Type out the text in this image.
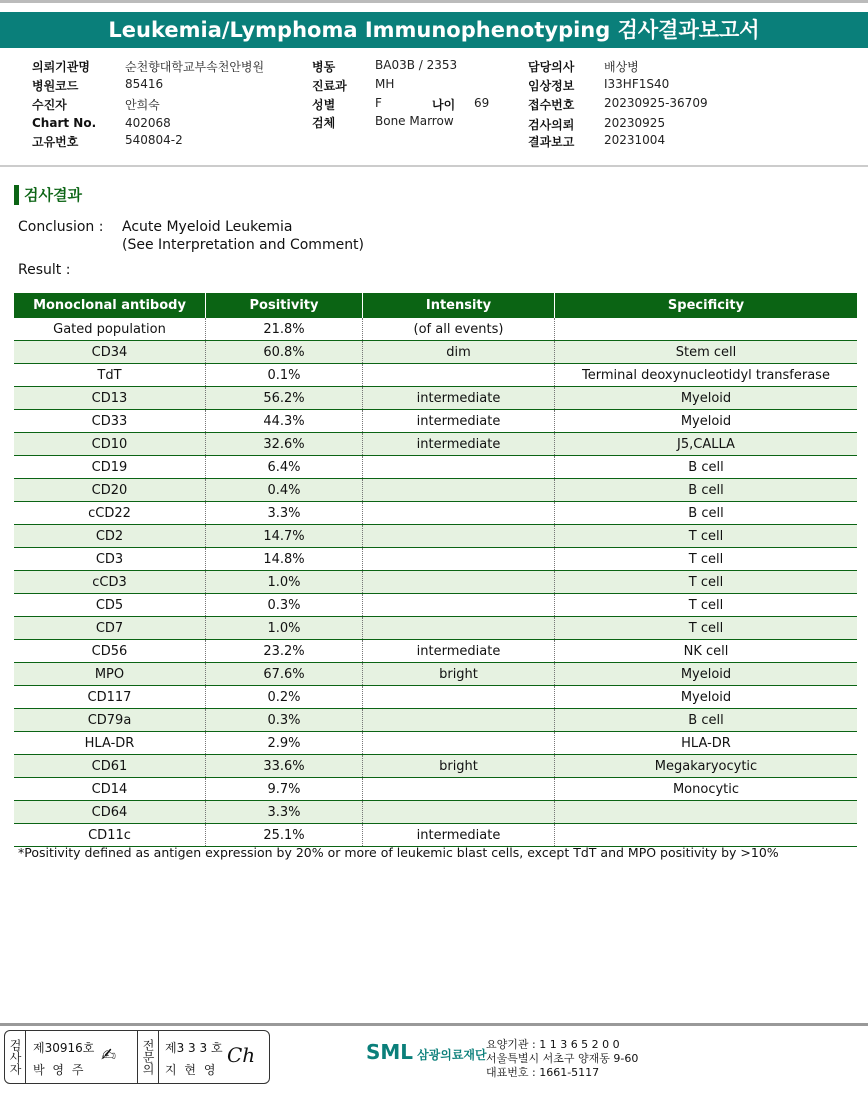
Leukemia/Lymphoma Immunophenotyping 검사결과보고서
의뢰기관명	순천향대학교부속천안병원
병원코드	85416
수진자	안희숙
Chart No. 402068
고유번호	540804-2
병동	BA03B / 2353
진료과 MH
성별	F
검체	Bone Marrow
나이 69
담당의사 배상병
임상정보 I33HF1S40
접수번호 20230925-36709
검사의뢰 20230925
결과보고 20231004
검사결과
Conclusion : Acute Myeloid Leukemia
(See Interpretation and Comment)
Result :
Monoclonal antibody	Positivity	Intensity	Specificity
Gated population	21.8%	(of all events)	
CD34	60.8%	dim	Stem cell
TdT	0.1%		Terminal deoxynucleotidyl transferase
CD13	56.2%	intermediate	Myeloid
CD33	44.3%	intermediate	Myeloid
CD10	32.6%	intermediate	J5,CALLA
CD19	6.4%		B cell
CD20	0.4%		B cell
cCD22	3.3%		B cell
CD2	14.7%		T cell
CD3	14.8%		T cell
cCD3	1.0%		T cell
CD5	0.3%		T cell
CD7	1.0%		T cell
CD56	23.2%	intermediate	NK cell
MPO	67.6%	bright	Myeloid
CD117	0.2%		Myeloid
CD79a	0.3%		B cell
HLA-DR	2.9%		HLA-DR
CD61	33.6%	bright	Megakaryocytic
CD14	9.7%		Monocytic
CD64	3.3%		
CD11c	25.1%	intermediate	
*Positivity defined as antigen expression by 20% or more of leukemic blast cells, except TdT and MPO positivity by >10%
검사자 제30916호
박 영 주
✍	전문의 제3 3 3 호
지 현 영
Ch	SML 삼광의료재단
요양기관 : 1 1 3 6 5 2 0 0
서울특별시 서초구 양재동 9-60
대표번호 : 1661-5117
